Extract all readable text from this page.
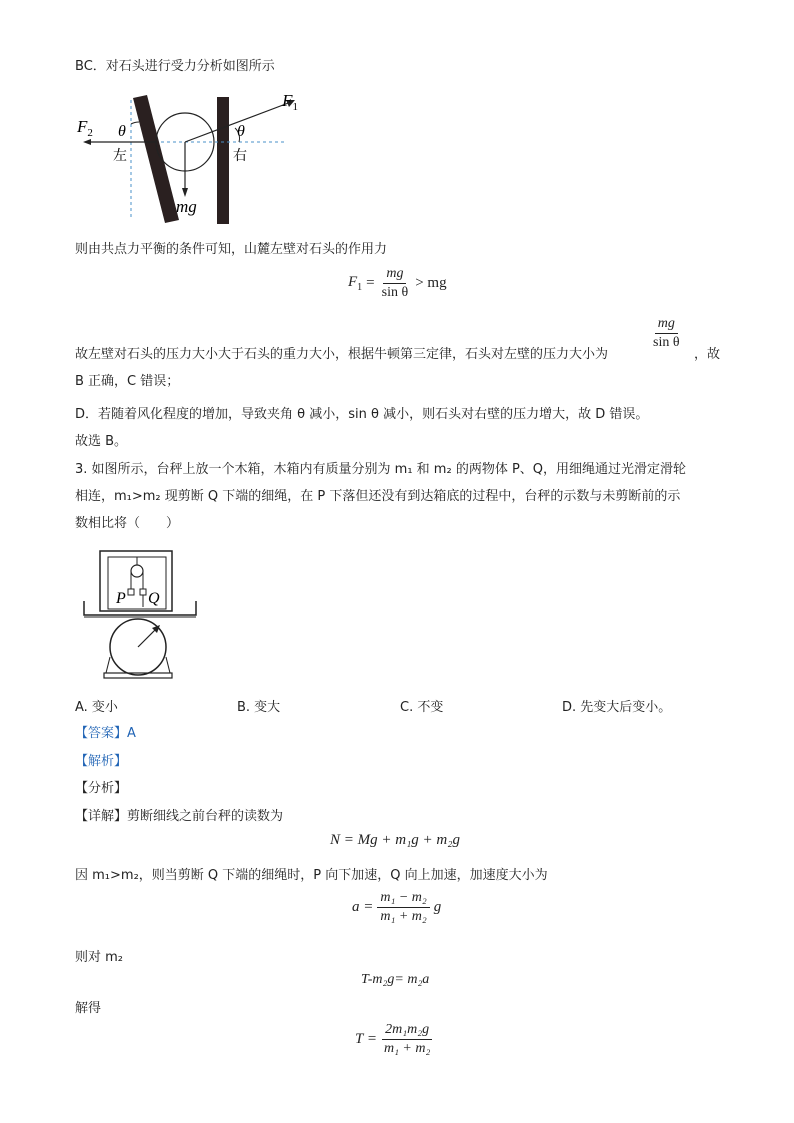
BC．对石头进行受力分析如图所示
$F_2$
$F_1$
θ	θ
左	右
mg
则由共点力平衡的条件可知，山麓左壁对石头的作用力
$F_1 = \frac{mg}{\text{sin θ}}$ > mg
故左壁对石头的压力大小大于石头的重力大小，根据牛顿第三定律，石头对左壁的压力大小为
$\frac{mg}{\text{sin θ}}$
，故
B 正确，C 错误；
D．若随着风化程度的增加，导致夹角 θ 减小，sin θ 减小，则石头对右壁的压力增大，故 D 错误。
故选 B。
3. 如图所示，台秤上放一个木箱，木箱内有质量分别为 m₁ 和 m₂ 的两物体 P、Q，用细绳通过光滑定滑轮
相连，m₁>m₂ 现剪断 Q 下端的细绳，在 P 下落但还没有到达箱底的过程中，台秤的示数与未剪断前的示
数相比将（　　）
P Q
A. 变小	B. 变大	C. 不变	D. 先变大后变小。
【答案】A
【解析】
【分析】
【详解】剪断细线之前台秤的读数为
N = Mg + m₁g + m₂g
因 m₁>m₂，则当剪断 Q 下端的细绳时，P 向下加速，Q 向上加速，加速度大小为
$a = \frac{\text{m₁ − m₂}}{\text{m₁ + m₂}}$ g
则对 m₂
T-m₂g= m₂a
解得
$T = \frac{\text{2m₁m₂g}}{\text{m₁ + m₂}}$
